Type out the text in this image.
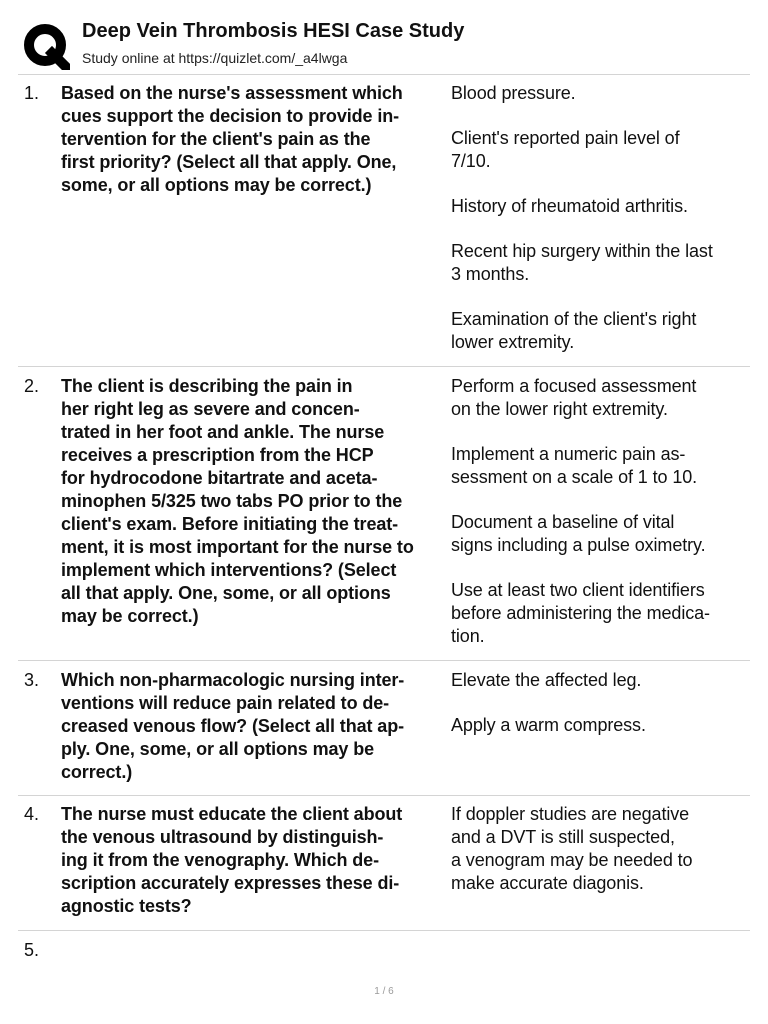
Deep Vein Thrombosis HESI Case Study
Study online at https://quizlet.com/_a4lwga
1. Based on the nurse's assessment which
cues support the decision to provide in-
tervention for the client's pain as the
first priority? (Select all that apply. One,
some, or all options may be correct.)
Blood pressure.
Client's reported pain level of
7/10.
History of rheumatoid arthritis.
Recent hip surgery within the last
3 months.
Examination of the client's right
lower extremity.
2. The client is describing the pain in
her right leg as severe and concen-
trated in her foot and ankle. The nurse
receives a prescription from the HCP
for hydrocodone bitartrate and aceta-
minophen 5/325 two tabs PO prior to the
client's exam. Before initiating the treat-
ment, it is most important for the nurse to
implement which interventions? (Select
all that apply. One, some, or all options
may be correct.)
Perform a focused assessment
on the lower right extremity.
Implement a numeric pain as-
sessment on a scale of 1 to 10.
Document a baseline of vital
signs including a pulse oximetry.
Use at least two client identifiers
before administering the medica-
tion.
3. Which non-pharmacologic nursing inter-
ventions will reduce pain related to de-
creased venous flow? (Select all that ap-
ply. One, some, or all options may be
correct.)
Elevate the affected leg.
Apply a warm compress.
4. The nurse must educate the client about
the venous ultrasound by distinguish-
ing it from the venography. Which de-
scription accurately expresses these di-
agnostic tests?
If doppler studies are negative
and a DVT is still suspected,
a venogram may be needed to
make accurate diagonis.
5.
1 / 6
